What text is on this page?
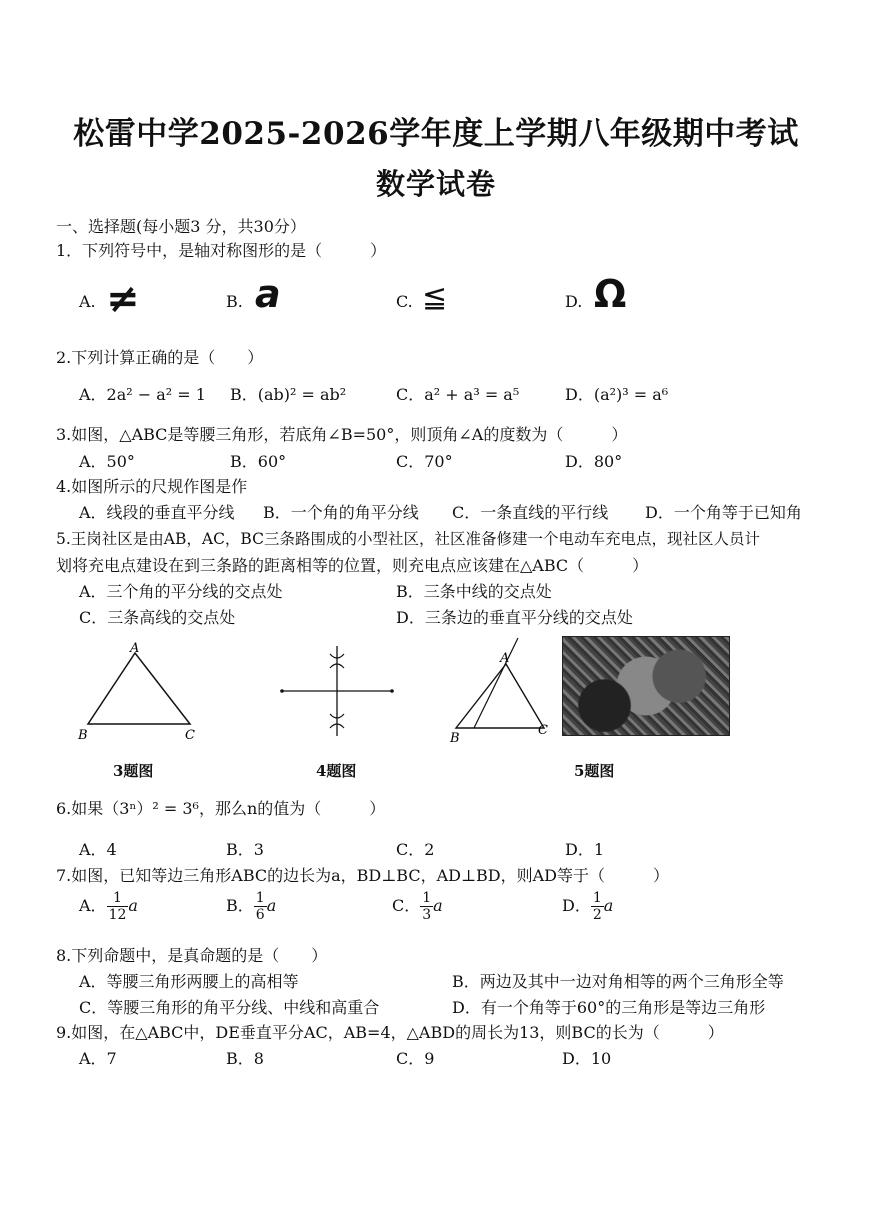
松雷中学2025-2026学年度上学期八年级期中考试
数学试卷
一、选择题(每小题3 分，共30分）
1．下列符号中，是轴对称图形的是（　　　）
A. ≠	B. a	C. ≦	D. Ω
2.下列计算正确的是（　　）
A．2a² − a² = 1 B．(ab)² = ab²	C．a² + a³ = a⁵	D．(a²)³ = a⁶
3.如图，△ABC是等腰三角形，若底角∠B=50°，则顶角∠A的度数为（　　　）
A．50°	B．60°	C．70°	D．80°
4.如图所示的尺规作图是作
A．线段的垂直平分线 B．一个角的角平分线 C．一条直线的平行线 D．一个角等于已知角
5.王岗社区是由AB，AC，BC三条路围成的小型社区，社区准备修建一个电动车充电点，现社区人员计
划将充电点建设在到三条路的距离相等的位置，则充电点应该建在△ABC（　　　）
A．三个角的平分线的交点处	B．三条中线的交点处
C．三条高线的交点处	D．三条边的垂直平分线的交点处
A
B	C
3题图	4题图
A
B
C
5题图
6.如果（3ⁿ）² = 3⁶，那么n的值为（　　　）
A．4	B．3	C．2	D．1
7.如图，已知等边三角形ABC的边长为a，BD⊥BC，AD⊥BD，则AD等于（　　　）
A． $\frac{1}{12}$ a	B． $\frac{1}{6}$ a	C． $\frac{1}{3}$ a	D． $\frac{1}{2}$ a
8.下列命题中，是真命题的是（　　）
A．等腰三角形两腰上的高相等	B．两边及其中一边对角相等的两个三角形全等
C．等腰三角形的角平分线、中线和高重合	D．有一个角等于60°的三角形是等边三角形
9.如图，在△ABC中，DE垂直平分AC，AB=4，△ABD的周长为13，则BC的长为（　　　）
A．7	B．8	C．9	D．10
